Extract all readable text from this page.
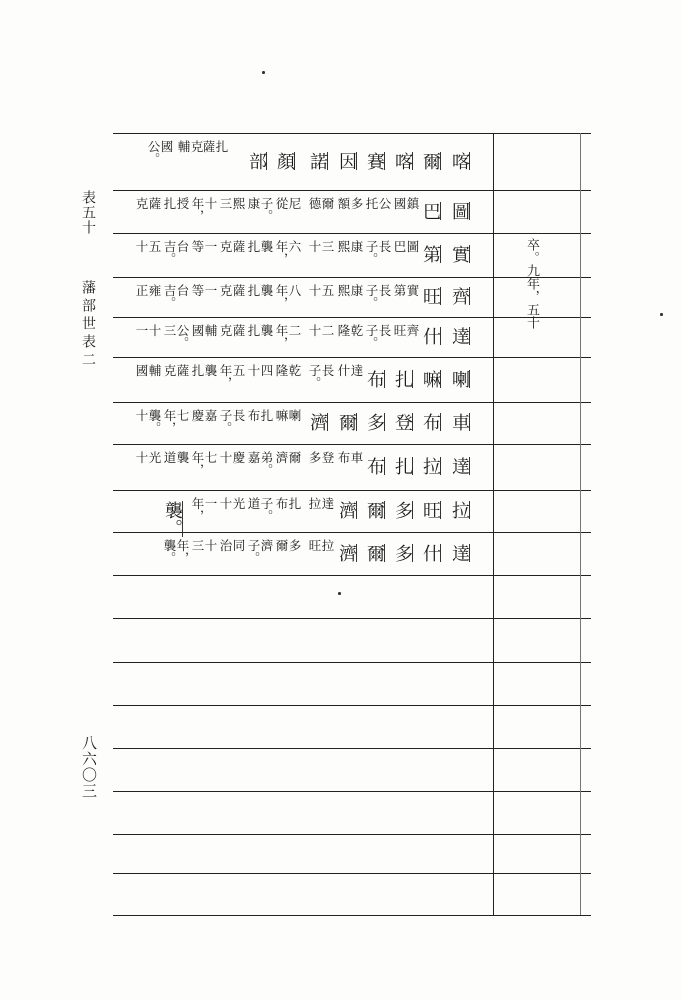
表五十
藩部世表二
八六〇三
卒。九年，五十
喀
爾
喀
賽
因
諾
顏
部
扎
薩
克
輔
國
公。
圖
巴
鎮
國
公
托
多
額
爾
德
尼
從
子。
康
熙
三
十
年，
授
扎
薩
克
實
第
圖
巴
長
子。
康
熙
三
十
六
年，
襲
扎
薩
克
一
等
台
吉。
五
十
齊
旺
實
第
長
子。
康
熙
五
十
八
年，
襲
扎
薩
克
一
等
台
吉。
雍
正
達
什
齊
旺
長
子。
乾
隆
二
十
二
年，
襲
扎
薩
克
輔
國
公。
三
十
一
喇
嘛
扎
布
達
什
長
子。
乾
隆
四
十
五
年，
襲
扎
薩
克
輔
國
車
布
登
多
爾
濟
喇
嘛
扎
布
長
子。
嘉
慶
七
年，
襲。
十
達
拉
扎
布
車
布
登
多
爾
濟
弟。
嘉
慶
十
七
年，
襲
道
光
十
拉
旺
多
爾
濟
達
拉
扎
布
子。
道
光
十
一
年，
襲。
達
什
多
爾
濟
拉
旺
多
爾
濟
子。
同
治
十
三
年，
襲。
